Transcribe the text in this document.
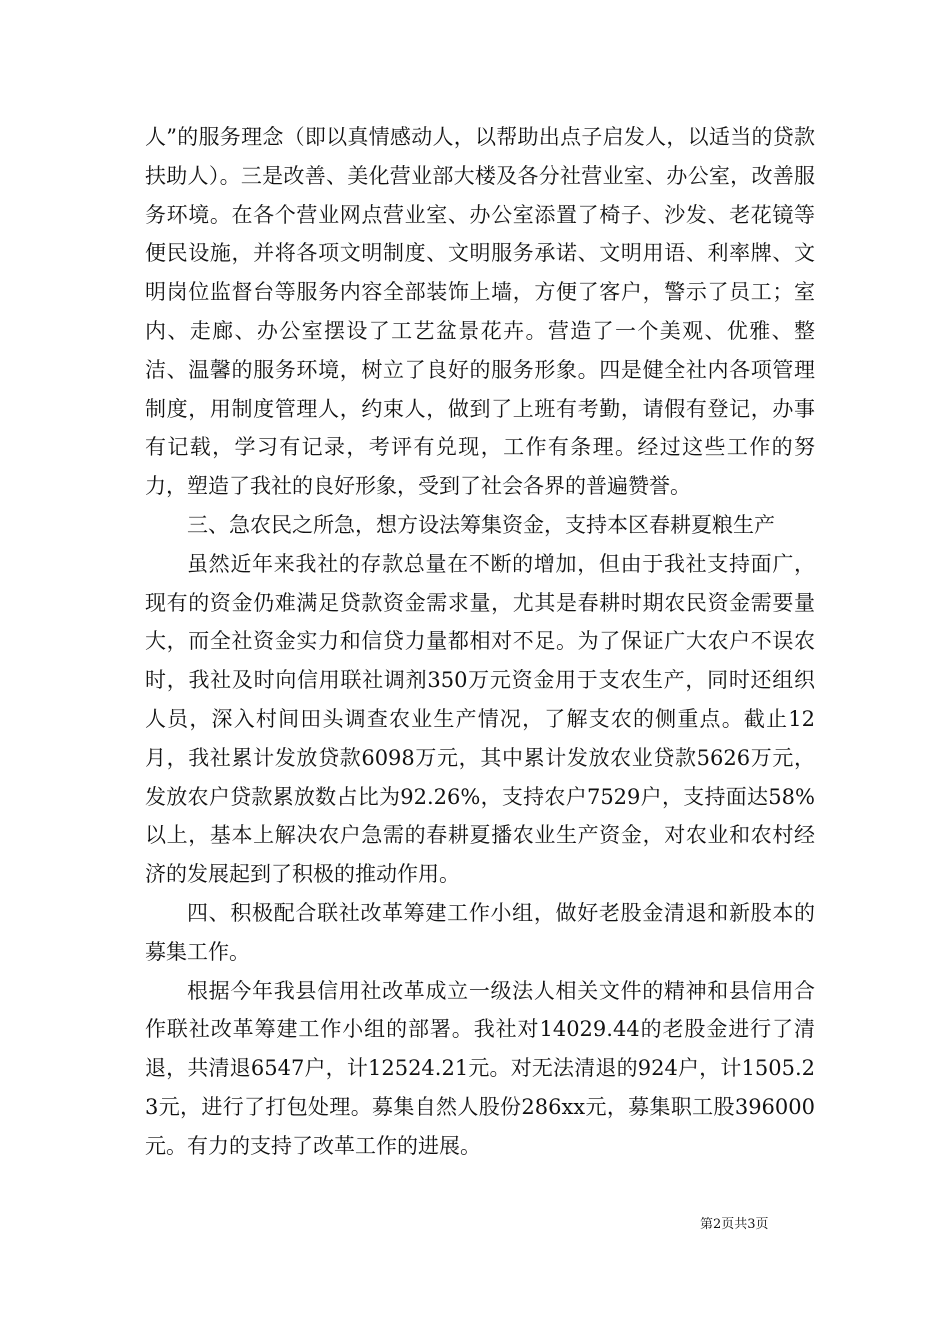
人”的服务理念（即以真情感动人，以帮助出点子启发人，以适当的贷款扶助人）。三是改善、美化营业部大楼及各分社营业室、办公室，改善服务环境。在各个营业网点营业室、办公室添置了椅子、沙发、老花镜等便民设施，并将各项文明制度、文明服务承诺、文明用语、利率牌、文明岗位监督台等服务内容全部装饰上墙，方便了客户，警示了员工；室内、走廊、办公室摆设了工艺盆景花卉。营造了一个美观、优雅、整洁、温馨的服务环境，树立了良好的服务形象。四是健全社内各项管理制度，用制度管理人，约束人，做到了上班有考勤，请假有登记，办事有记载，学习有记录，考评有兑现，工作有条理。经过这些工作的努力，塑造了我社的良好形象，受到了社会各界的普遍赞誉。

三、急农民之所急，想方设法筹集资金，支持本区春耕夏粮生产

虽然近年来我社的存款总量在不断的增加，但由于我社支持面广，现有的资金仍难满足贷款资金需求量，尤其是春耕时期农民资金需要量大，而全社资金实力和信贷力量都相对不足。为了保证广大农户不误农时，我社及时向信用联社调剂350万元资金用于支农生产，同时还组织人员，深入村间田头调查农业生产情况，了解支农的侧重点。截止12月，我社累计发放贷款6098万元，其中累计发放农业贷款5626万元，发放农户贷款累放数占比为92.26%，支持农户7529户，支持面达58%以上，基本上解决农户急需的春耕夏播农业生产资金，对农业和农村经济的发展起到了积极的推动作用。

四、积极配合联社改革筹建工作小组，做好老股金清退和新股本的募集工作。

根据今年我县信用社改革成立一级法人相关文件的精神和县信用合作联社改革筹建工作小组的部署。我社对14029.44的老股金进行了清退，共清退6547户，计12524.21元。对无法清退的924户，计1505.23元，进行了打包处理。募集自然人股份286xx元，募集职工股396000元。有力的支持了改革工作的进展。

第2页共3页
